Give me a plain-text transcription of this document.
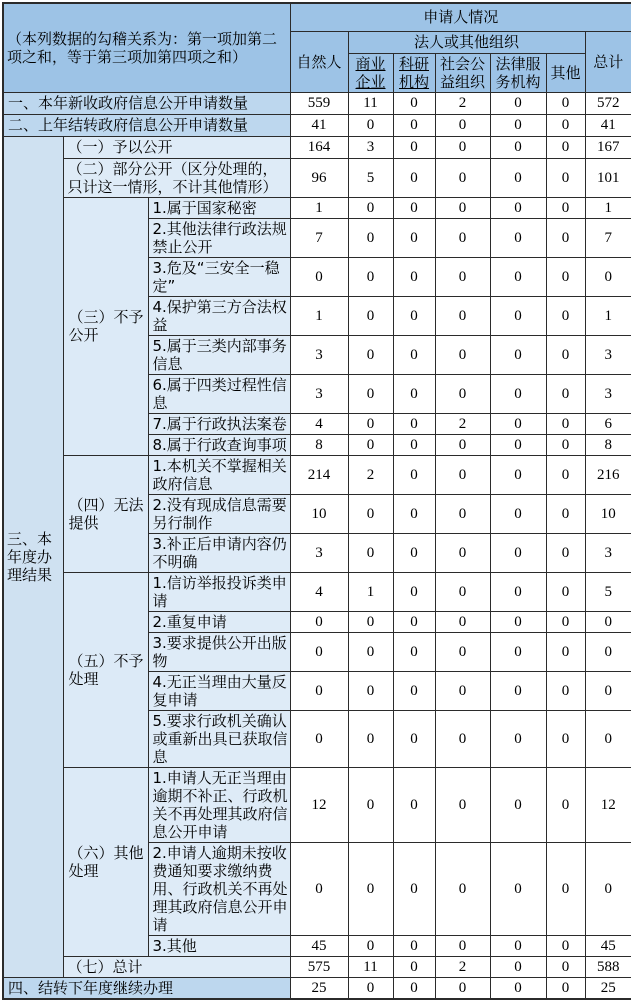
（本列数据的勾稽关系为：第一项加第二项之和，等于第三项加第四项之和）			申请人情况						
			自然人	法人或其他组织					总计
				商业企业	科研机构	社会公益组织	法律服务机构	其他	
一、本年新收政府信息公开申请数量			559	11	0	2	0	0	572
二、上年结转政府信息公开申请数量			41	0	0	0	0	0	41
三、本年度办理结果	（一）予以公开		164	3	0	0	0	0	167
	（二）部分公开（区分处理的，只计这一情形，不计其他情形）		96	5	0	0	0	0	101
	（三）不予公开	1.属于国家秘密	1	0	0	0	0	0	1
		2.其他法律行政法规禁止公开	7	0	0	0	0	0	7
		3.危及“三安全一稳定”	0	0	0	0	0	0	0
		4.保护第三方合法权益	1	0	0	0	0	0	1
		5.属于三类内部事务信息	3	0	0	0	0	0	3
		6.属于四类过程性信息	3	0	0	0	0	0	3
		7.属于行政执法案卷	4	0	0	2	0	0	6
		8.属于行政查询事项	8	0	0	0	0	0	8
	（四）无法提供	1.本机关不掌握相关政府信息	214	2	0	0	0	0	216
		2.没有现成信息需要另行制作	10	0	0	0	0	0	10
		3.补正后申请内容仍不明确	3	0	0	0	0	0	3
	（五）不予处理	1.信访举报投诉类申请	4	1	0	0	0	0	5
		2.重复申请	0	0	0	0	0	0	0
		3.要求提供公开出版物	0	0	0	0	0	0	0
		4.无正当理由大量反复申请	0	0	0	0	0	0	0
		5.要求行政机关确认或重新出具已获取信息	0	0	0	0	0	0	0
	（六）其他处理	1.申请人无正当理由逾期不补正、行政机关不再处理其政府信息公开申请	12	0	0	0	0	0	12
		2.申请人逾期未按收费通知要求缴纳费用、行政机关不再处理其政府信息公开申请	0	0	0	0	0	0	0
		3.其他	45	0	0	0	0	0	45
	（七）总计		575	11	0	2	0	0	588
四、结转下年度继续办理			25	0	0	0	0	0	25
